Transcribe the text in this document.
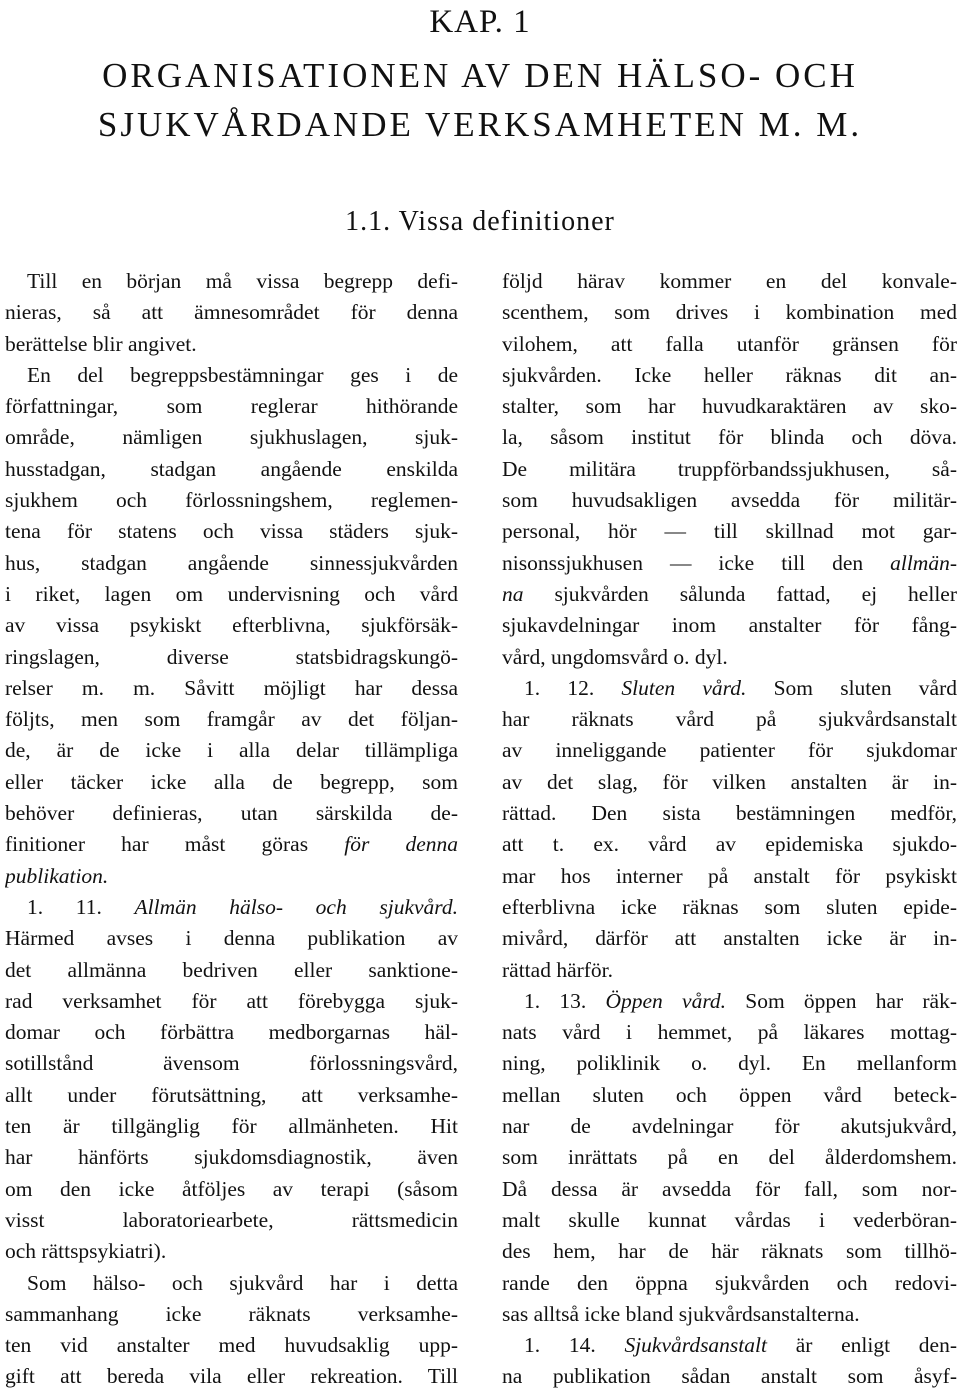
KAP. 1
ORGANISATIONEN AV DEN HÄLSO- OCH
SJUKVÅRDANDE VERKSAMHETEN M. M.
1.1. Vissa definitioner
Till en början må vissa begrepp defi-
nieras, så att ämnesområdet för denna
berättelse blir angivet.
En del begreppsbestämningar ges i de
författningar, som reglerar hithörande
område, nämligen sjukhuslagen, sjuk-
husstadgan, stadgan angående enskilda
sjukhem och förlossningshem, reglemen-
tena för statens och vissa städers sjuk-
hus, stadgan angående sinnessjukvården
i riket, lagen om undervisning och vård
av vissa psykiskt efterblivna, sjukförsäk-
ringslagen, diverse statsbidragskungö-
relser m. m. Såvitt möjligt har dessa
följts, men som framgår av det följan-
de, är de icke i alla delar tillämpliga
eller täcker icke alla de begrepp, som
behöver definieras, utan särskilda de-
finitioner har måst göras för denna
publikation.
1. 11. Allmän hälso- och sjukvård.
Härmed avses i denna publikation av
det allmänna bedriven eller sanktione-
rad verksamhet för att förebygga sjuk-
domar och förbättra medborgarnas häl-
sotillstånd ävensom förlossningsvård,
allt under förutsättning, att verksamhe-
ten är tillgänglig för allmänheten. Hit
har hänförts sjukdomsdiagnostik, även
om den icke åtföljes av terapi (såsom
visst laboratoriearbete, rättsmedicin
och rättspsykiatri).
Som hälso- och sjukvård har i detta
sammanhang icke räknats verksamhe-
ten vid anstalter med huvudsaklig upp-
gift att bereda vila eller rekreation. Till
följd härav kommer en del konvale-
scenthem, som drives i kombination med
vilohem, att falla utanför gränsen för
sjukvården. Icke heller räknas dit an-
stalter, som har huvudkaraktären av sko-
la, såsom institut för blinda och döva.
De militära truppförbandssjukhusen, så-
som huvudsakligen avsedda för militär-
personal, hör — till skillnad mot gar-
nisonssjukhusen — icke till den allmän-
na sjukvården sålunda fattad, ej heller
sjukavdelningar inom anstalter för fång-
vård, ungdomsvård o. dyl.
1. 12. Sluten vård. Som sluten vård
har räknats vård på sjukvårdsanstalt
av inneliggande patienter för sjukdomar
av det slag, för vilken anstalten är in-
rättad. Den sista bestämningen medför,
att t. ex. vård av epidemiska sjukdo-
mar hos interner på anstalt för psykiskt
efterblivna icke räknas som sluten epide-
mivård, därför att anstalten icke är in-
rättad härför.
1. 13. Öppen vård. Som öppen har räk-
nats vård i hemmet, på läkares mottag-
ning, poliklinik o. dyl. En mellanform
mellan sluten och öppen vård beteck-
nar de avdelningar för akutsjukvård,
som inrättats på en del ålderdomshem.
Då dessa är avsedda för fall, som nor-
malt skulle kunnat vårdas i vederböran-
des hem, har de här räknats som tillhö-
rande den öppna sjukvården och redovi-
sas alltså icke bland sjukvårdsanstalterna.
1. 14. Sjukvårdsanstalt är enligt den-
na publikation sådan anstalt som åsyf-
